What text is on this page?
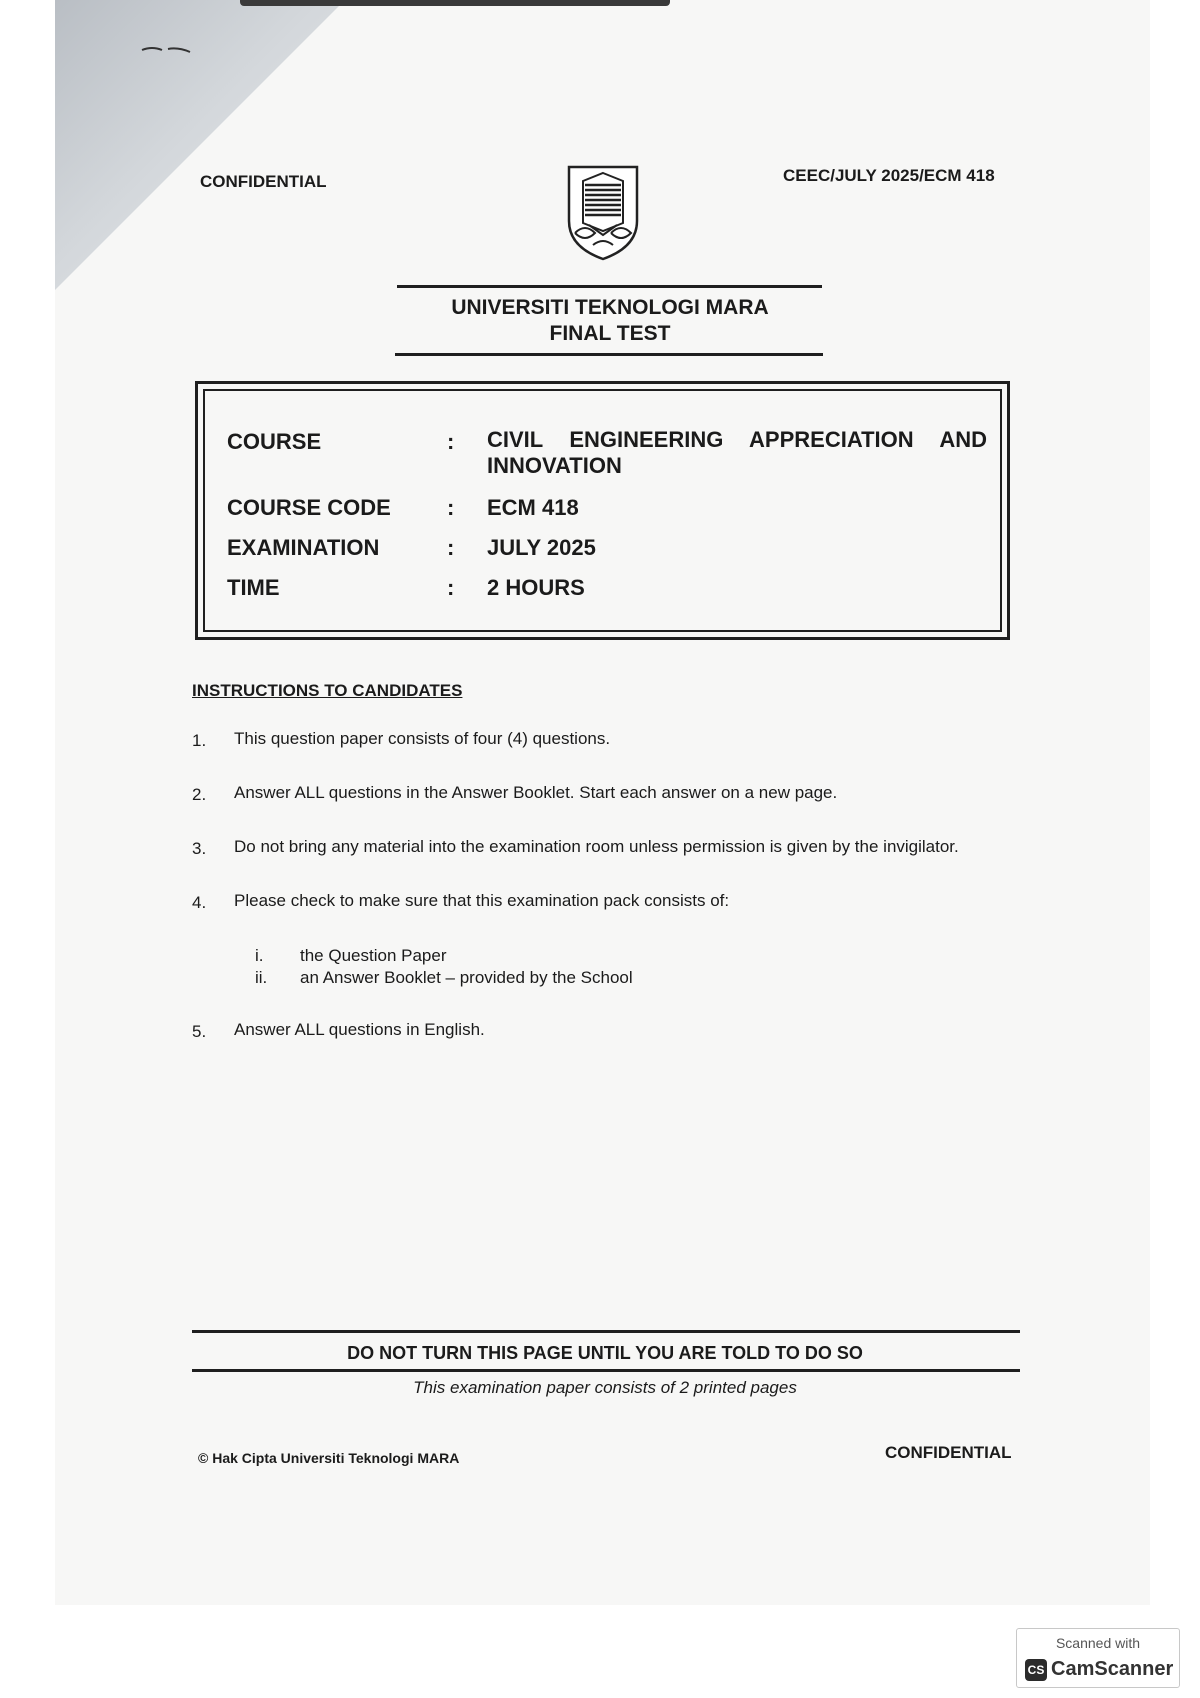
CONFIDENTIAL	CEEC/JULY 2025/ECM 418
UNIVERSITI TEKNOLOGI MARA
FINAL TEST
COURSE	: CIVIL ENGINEERING APPRECIATION AND INNOVATION
COURSE CODE	: ECM 418
EXAMINATION	: JULY 2025
TIME	: 2 HOURS
INSTRUCTIONS TO CANDIDATES
1. This question paper consists of four (4) questions.
2. Answer ALL questions in the Answer Booklet. Start each answer on a new page.
3. Do not bring any material into the examination room unless permission is given by the invigilator.
4. Please check to make sure that this examination pack consists of:
i. the Question Paper
ii. an Answer Booklet – provided by the School
5. Answer ALL questions in English.
DO NOT TURN THIS PAGE UNTIL YOU ARE TOLD TO DO SO
This examination paper consists of 2 printed pages
© Hak Cipta Universiti Teknologi MARA	CONFIDENTIAL
Scanned with
CS CamScanner
